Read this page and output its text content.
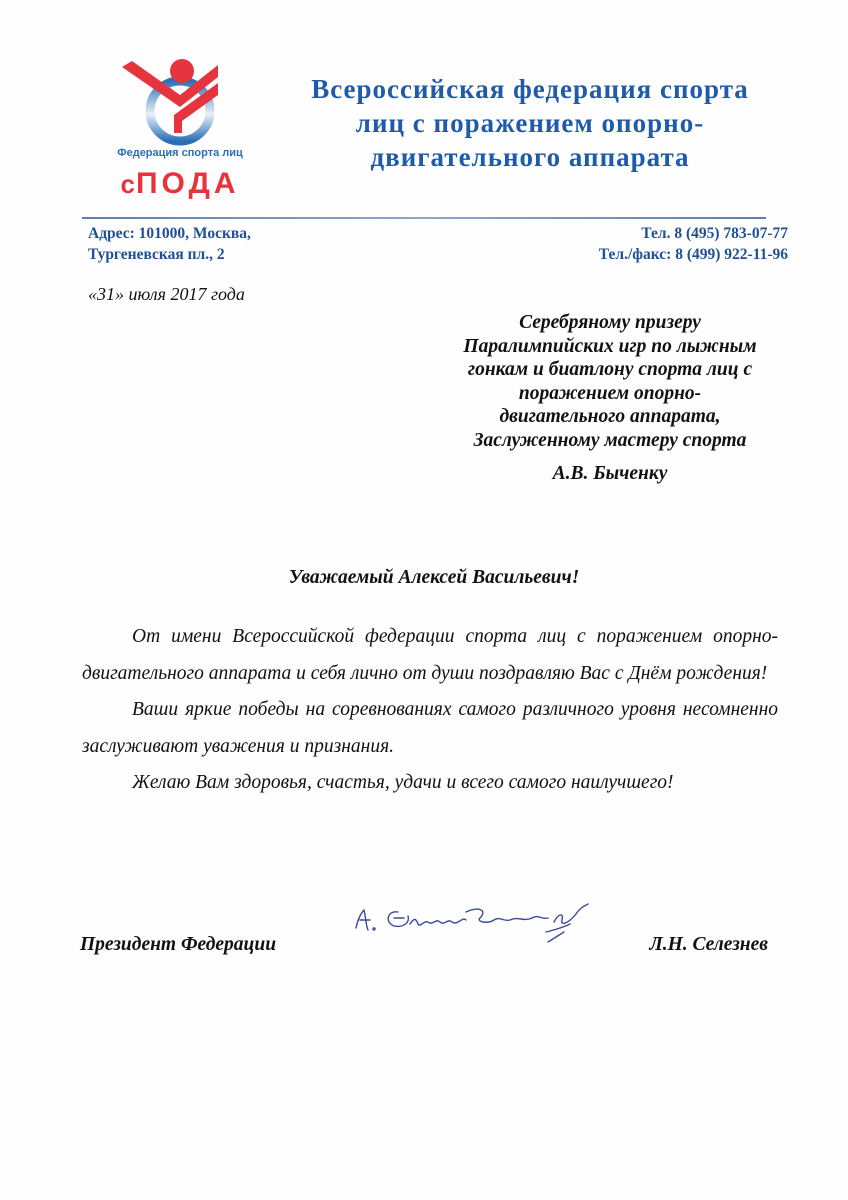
Федерация спорта лиц
сПОДА
Всероссийская федерация спорта
лиц с поражением опорно-
двигательного аппарата
Адрес: 101000, Москва,
Тургеневская пл., 2
Тел. 8 (495) 783-07-77
Тел./факс: 8 (499) 922-11-96
«31» июля 2017 года
Серебряному призеру
Паралимпийских игр по лыжным
гонкам и биатлону спорта лиц с
поражением опорно-
двигательного аппарата,
Заслуженному мастеру спорта
А.В. Быченку
Уважаемый Алексей Васильевич!

От имени Всероссийской федерации спорта лиц с поражением опорно-двигательного аппарата и себя лично от души поздравляю Вас с Днём рождения!

Ваши яркие победы на соревнованиях самого различного уровня несомненно заслуживают уважения и признания.

Желаю Вам здоровья, счастья, удачи и всего самого наилучшего!

Президент Федерации	Л.Н. Селезнев
